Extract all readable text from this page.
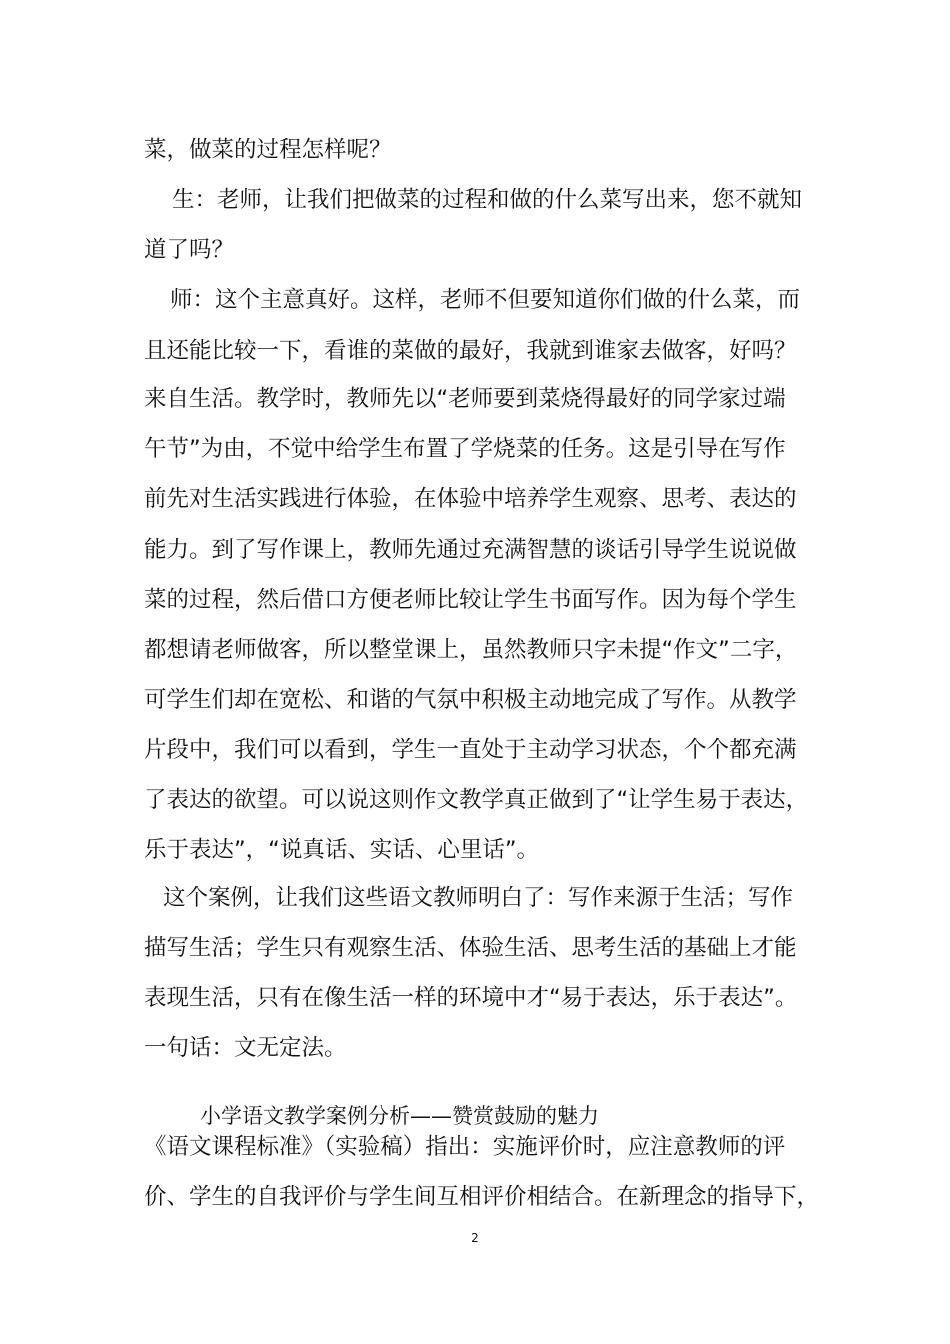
菜，做菜的过程怎样呢？

生：老师，让我们把做菜的过程和做的什么菜写出来，您不就知

道了吗？

师：这个主意真好。这样，老师不但要知道你们做的什么菜，而

且还能比较一下，看谁的菜做的最好，我就到谁家去做客，好吗？

来自生活。教学时，教师先以“老师要到菜烧得最好的同学家过端

午节”为由，不觉中给学生布置了学烧菜的任务。这是引导在写作

前先对生活实践进行体验，在体验中培养学生观察、思考、表达的

能力。到了写作课上，教师先通过充满智慧的谈话引导学生说说做

菜的过程，然后借口方便老师比较让学生书面写作。因为每个学生

都想请老师做客，所以整堂课上，虽然教师只字未提“作文”二字，

可学生们却在宽松、和谐的气氛中积极主动地完成了写作。从教学

片段中，我们可以看到，学生一直处于主动学习状态，个个都充满

了表达的欲望。可以说这则作文教学真正做到了“让学生易于表达，

乐于表达”，“说真话、实话、心里话”。

这个案例，让我们这些语文教师明白了：写作来源于生活；写作

描写生活；学生只有观察生活、体验生活、思考生活的基础上才能

表现生活，只有在像生活一样的环境中才“易于表达，乐于表达”。

一句话：文无定法。

小学语文教学案例分析——赞赏鼓励的魅力

《语文课程标准》（实验稿）指出：实施评价时，应注意教师的评

价、学生的自我评价与学生间互相评价相结合。在新理念的指导下，

2
